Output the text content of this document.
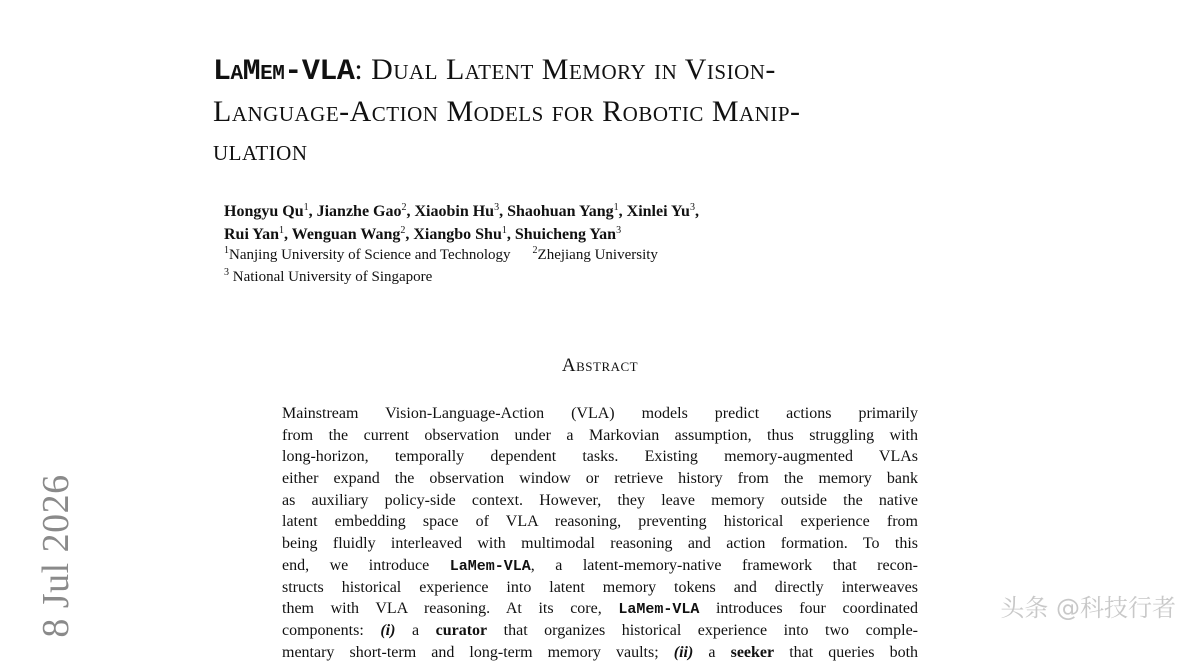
LaMem-VLA: Dual Latent Memory in Vision-
Language-Action Models for Robotic Manip-
ulation
Hongyu Qu$^1$, Jianzhe Gao$^2$, Xiaobin Hu$^3$, Shaohuan Yang$^1$, Xinlei Yu$^3$,
Rui Yan$^1$, Wenguan Wang$^2$, Xiangbo Shu$^1$, Shuicheng Yan$^3$
$^1$Nanjing University of Science and Technology $^2$Zhejiang University
$^3$ National University of Singapore
Abstract
Mainstream Vision-Language-Action (VLA) models predict actions primarily
from the current observation under a Markovian assumption, thus struggling with
long-horizon, temporally dependent tasks. Existing memory-augmented VLAs
either expand the observation window or retrieve history from the memory bank
as auxiliary policy-side context. However, they leave memory outside the native
latent embedding space of VLA reasoning, preventing historical experience from
being fluidly interleaved with multimodal reasoning and action formation. To this
end, we introduce LaMem-VLA, a latent-memory-native framework that recon-
structs historical experience into latent memory tokens and directly interweaves
them with VLA reasoning. At its core, LaMem-VLA introduces four coordinated
components: (i) a curator that organizes historical experience into two comple-
mentary short-term and long-term memory vaults; (ii) a seeker that queries both
8 Jul 2026	头条 @科技行者
